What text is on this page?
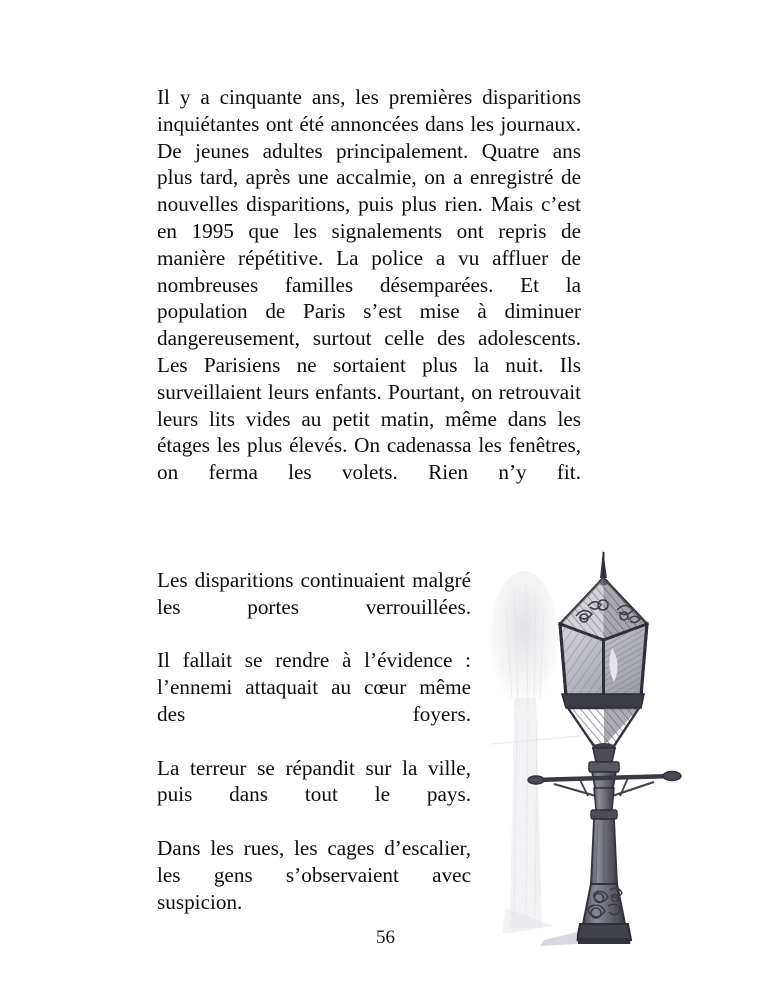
Il y a cinquante ans, les premières disparitions inquiétantes ont été annoncées dans les journaux. De jeunes adultes principalement. Quatre ans plus tard, après une accalmie, on a enregistré de nouvelles disparitions, puis plus rien. Mais c’est en 1995 que les signalements ont repris de manière répétitive. La police a vu affluer de nombreuses familles désemparées. Et la population de Paris s’est mise à diminuer dangereusement, surtout celle des adolescents. Les Parisiens ne sortaient plus la nuit. Ils surveillaient leurs enfants. Pourtant, on retrouvait leurs lits vides au petit matin, même dans les étages les plus élevés. On cadenassa les fenêtres, on ferma les volets. Rien n’y fit.

Les disparitions continuaient malgré les portes verrouillées.

Il fallait se rendre à l’évidence : l’ennemi attaquait au cœur même des foyers.

La terreur se répandit sur la ville, puis dans tout le pays.

Dans les rues, les cages d’escalier, les gens s’observaient avec suspicion.

56
